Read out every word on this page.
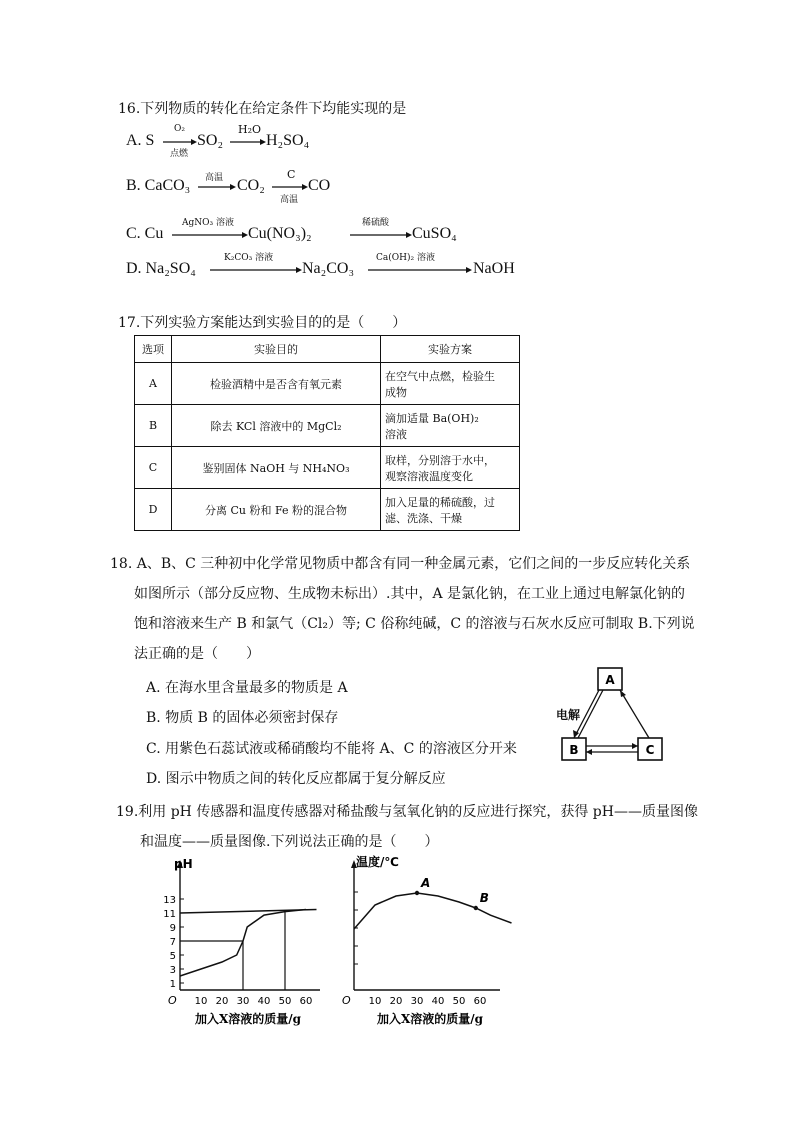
16.下列物质的转化在给定条件下均能实现的是
A. S
O₂
点燃
SO₂
H₂O
→ H₂SO₄
B. CaCO₃ 高温 → CO₂
C
高温
CO
C. Cu
AgNO₃ 溶液
Cu(NO₃)₂
稀硫酸
→ CuSO₄
D. Na₂SO₄
K₂CO₃ 溶液
Na₂CO₃
Ca(OH)₂ 溶液
NaOH
17.下列实验方案能达到实验目的的是（　　）
选项	实验目的	实验方案
A	检验酒精中是否含有氧元素	在空气中点燃，检验生
成物

B	除去 KCl 溶液中的 MgCl₂	滴加适量 Ba(OH)₂
溶液

C	鉴别固体 NaOH 与 NH₄NO₃	取样，分别溶于水中，
观察溶液温度变化

D	分离 Cu 粉和 Fe 粉的混合物	加入足量的稀硫酸，过
滤、洗涤、干燥
18. A、B、C 三种初中化学常见物质中都含有同一种金属元素，它们之间的一步反应转化关系
如图所示（部分反应物、生成物未标出）.其中，A 是氯化钠，在工业上通过电解氯化钠的
饱和溶液来生产 B 和氯气（Cl₂）等; C 俗称纯碱，C 的溶液与石灰水反应可制取 B.下列说
法正确的是（　　）
A. 在海水里含量最多的物质是 A
B. 物质 B 的固体必须密封保存
C. 用紫色石蕊试液或稀硝酸均不能将 A、C 的溶液区分开来
D. 图示中物质之间的转化反应都属于复分解反应
A
B	C
电解
19.利用 pH 传感器和温度传感器对稀盐酸与氢氧化钠的反应进行探究，获得 pH——质量图像
和温度——质量图像.下列说法正确的是（　　）
pH
O
13
11
9
7
5
3
1
10 20 30 40 50 60
加入X溶液的质量/g
温度/℃
O 10 20 30 40 50 60
A
B
加入X溶液的质量/g
